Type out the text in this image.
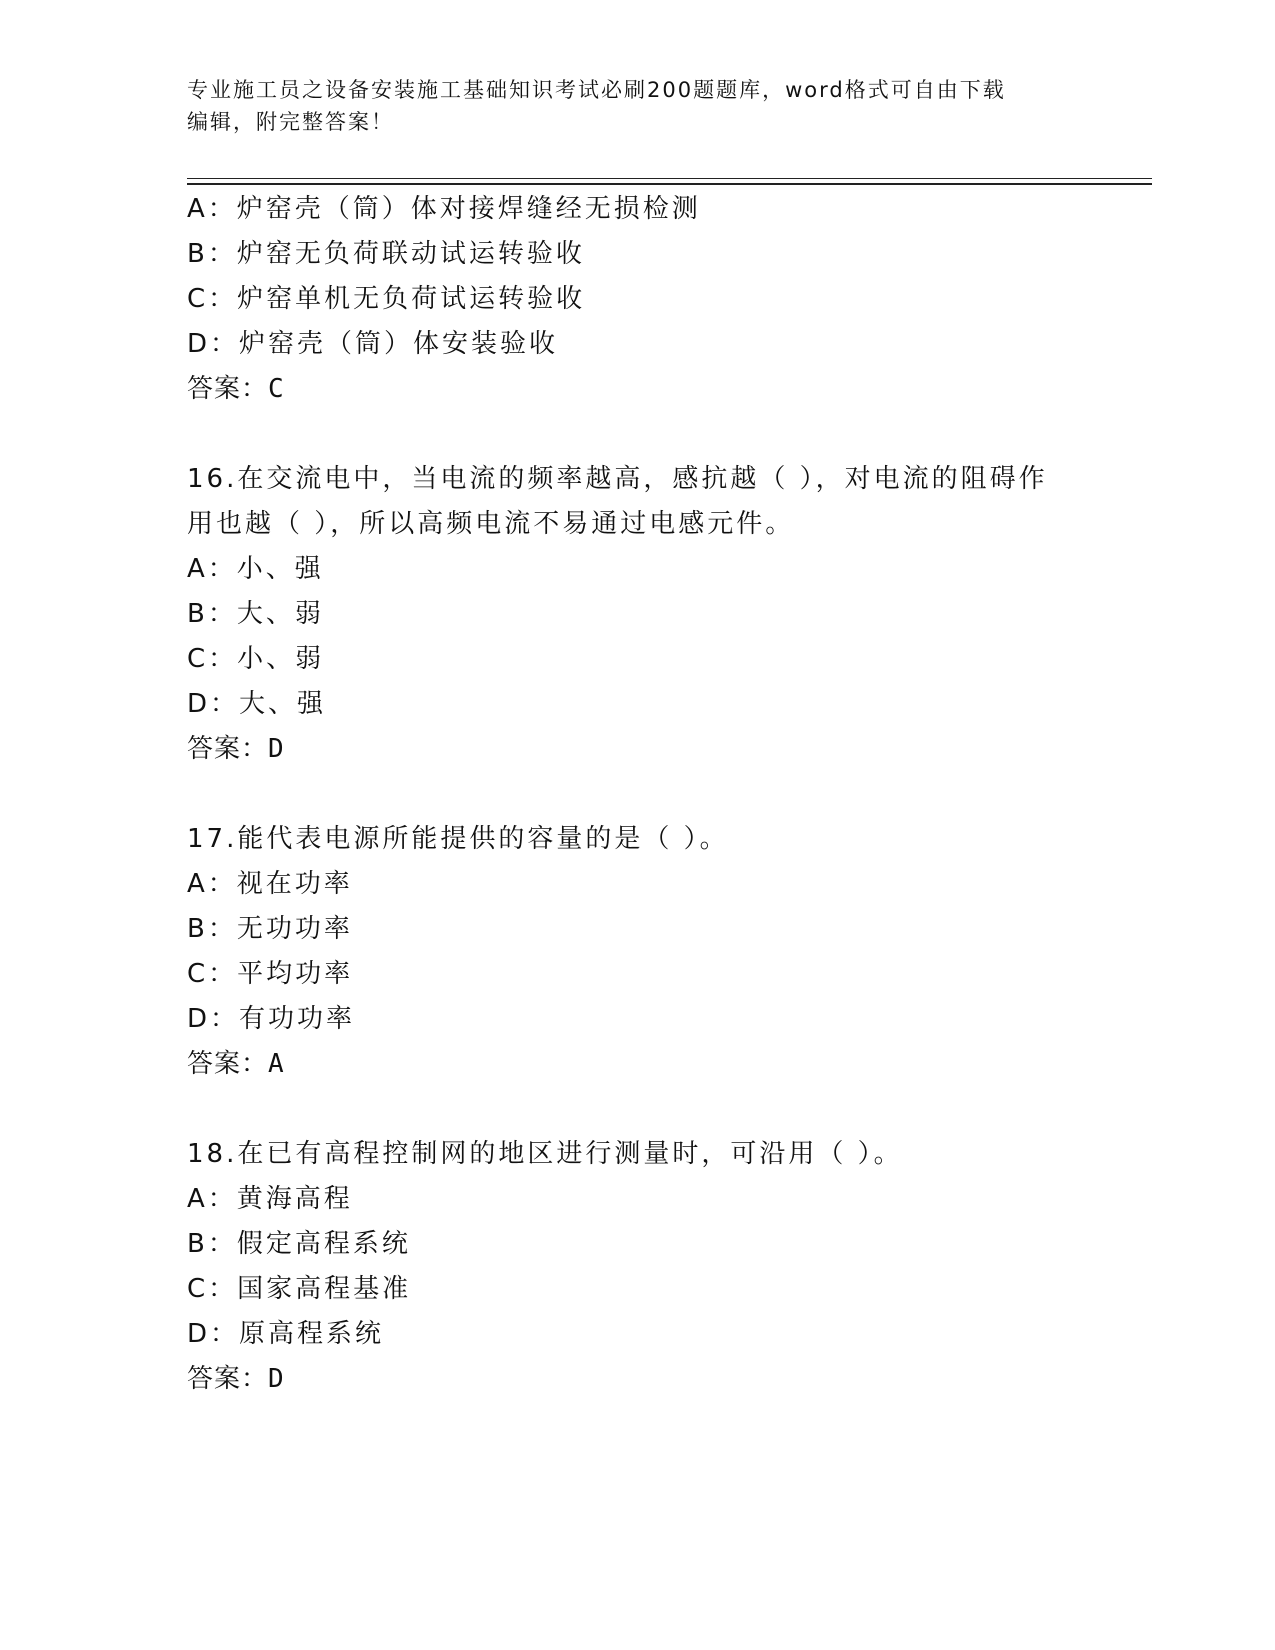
专业施工员之设备安装施工基础知识考试必刷200题题库，word格式可自由下载
编辑，附完整答案！
A：炉窑壳（筒）体对接焊缝经无损检测
B：炉窑无负荷联动试运转验收
C：炉窑单机无负荷试运转验收
D：炉窑壳（筒）体安装验收
答案：C
16.在交流电中，当电流的频率越高，感抗越（ ），对电流的阻碍作
用也越（ ），所以高频电流不易通过电感元件。
A：小、强
B：大、弱
C：小、弱
D：大、强
答案：D
17.能代表电源所能提供的容量的是（ ）。
A：视在功率
B：无功功率
C：平均功率
D：有功功率
答案：A
18.在已有高程控制网的地区进行测量时，可沿用（ ）。
A：黄海高程
B：假定高程系统
C：国家高程基准
D：原高程系统
答案：D
